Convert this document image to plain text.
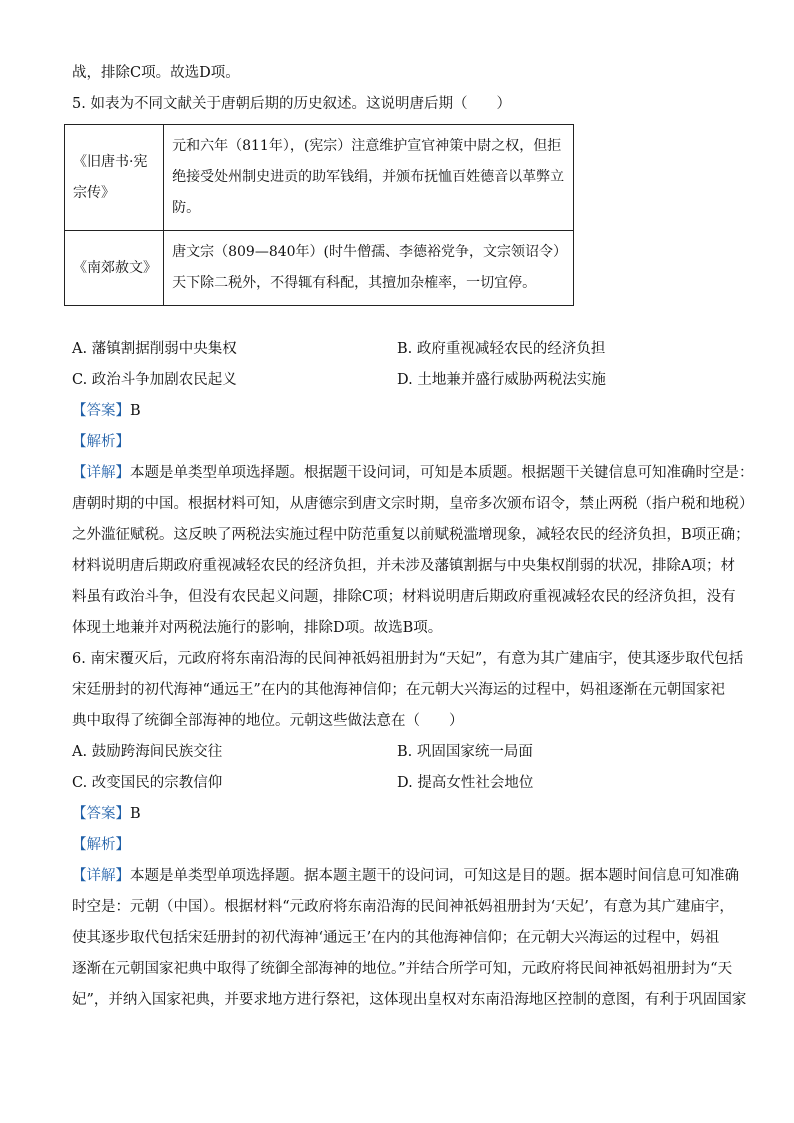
战，排除C项。故选D项。
5. 如表为不同文献关于唐朝后期的历史叙述。这说明唐后期（　　）
《旧唐书·宪
宗传》	元和六年（811年），(宪宗）注意维护宣官神策中尉之权，但拒
绝接受处州制史进贡的助军钱绢，并颁布抚恤百姓德音以革弊立
防。

《南郊赦文》	唐文宗（809—840年）(时牛僧孺、李德裕党争，文宗领诏令）
天下除二税外，不得辄有科配，其擅加杂榷率，一切宜停。
A. 藩镇割据削弱中央集权	B. 政府重视减轻农民的经济负担
C. 政治斗争加剧农民起义	D. 土地兼并盛行威胁两税法实施
【答案】B
【解析】
【详解】本题是单类型单项选择题。根据题干设问词，可知是本质题。根据题干关键信息可知准确时空是：
唐朝时期的中国。根据材料可知，从唐德宗到唐文宗时期，皇帝多次颁布诏令，禁止两税（指户税和地税）
之外滥征赋税。这反映了两税法实施过程中防范重复以前赋税滥增现象，减轻农民的经济负担，B项正确；
材料说明唐后期政府重视减轻农民的经济负担，并未涉及藩镇割据与中央集权削弱的状况，排除A项；材
料虽有政治斗争，但没有农民起义问题，排除C项；材料说明唐后期政府重视减轻农民的经济负担，没有
体现土地兼并对两税法施行的影响，排除D项。故选B项。
6. 南宋覆灭后，元政府将东南沿海的民间神祇妈祖册封为“天妃”，有意为其广建庙宇，使其逐步取代包括
宋廷册封的初代海神“通远王”在内的其他海神信仰；在元朝大兴海运的过程中，妈祖逐渐在元朝国家祀
典中取得了统御全部海神的地位。元朝这些做法意在（　　）
A. 鼓励跨海间民族交往	B. 巩固国家统一局面
C. 改变国民的宗教信仰	D. 提高女性社会地位
【答案】B
【解析】
【详解】本题是单类型单项选择题。据本题主题干的设问词，可知这是目的题。据本题时间信息可知准确
时空是：元朝（中国）。根据材料“元政府将东南沿海的民间神祇妈祖册封为‘天妃’，有意为其广建庙宇，
使其逐步取代包括宋廷册封的初代海神‘通远王’在内的其他海神信仰；在元朝大兴海运的过程中，妈祖
逐渐在元朝国家祀典中取得了统御全部海神的地位。”并结合所学可知，元政府将民间神祇妈祖册封为“天
妃”，并纳入国家祀典，并要求地方进行祭祀，这体现出皇权对东南沿海地区控制的意图，有利于巩固国家
